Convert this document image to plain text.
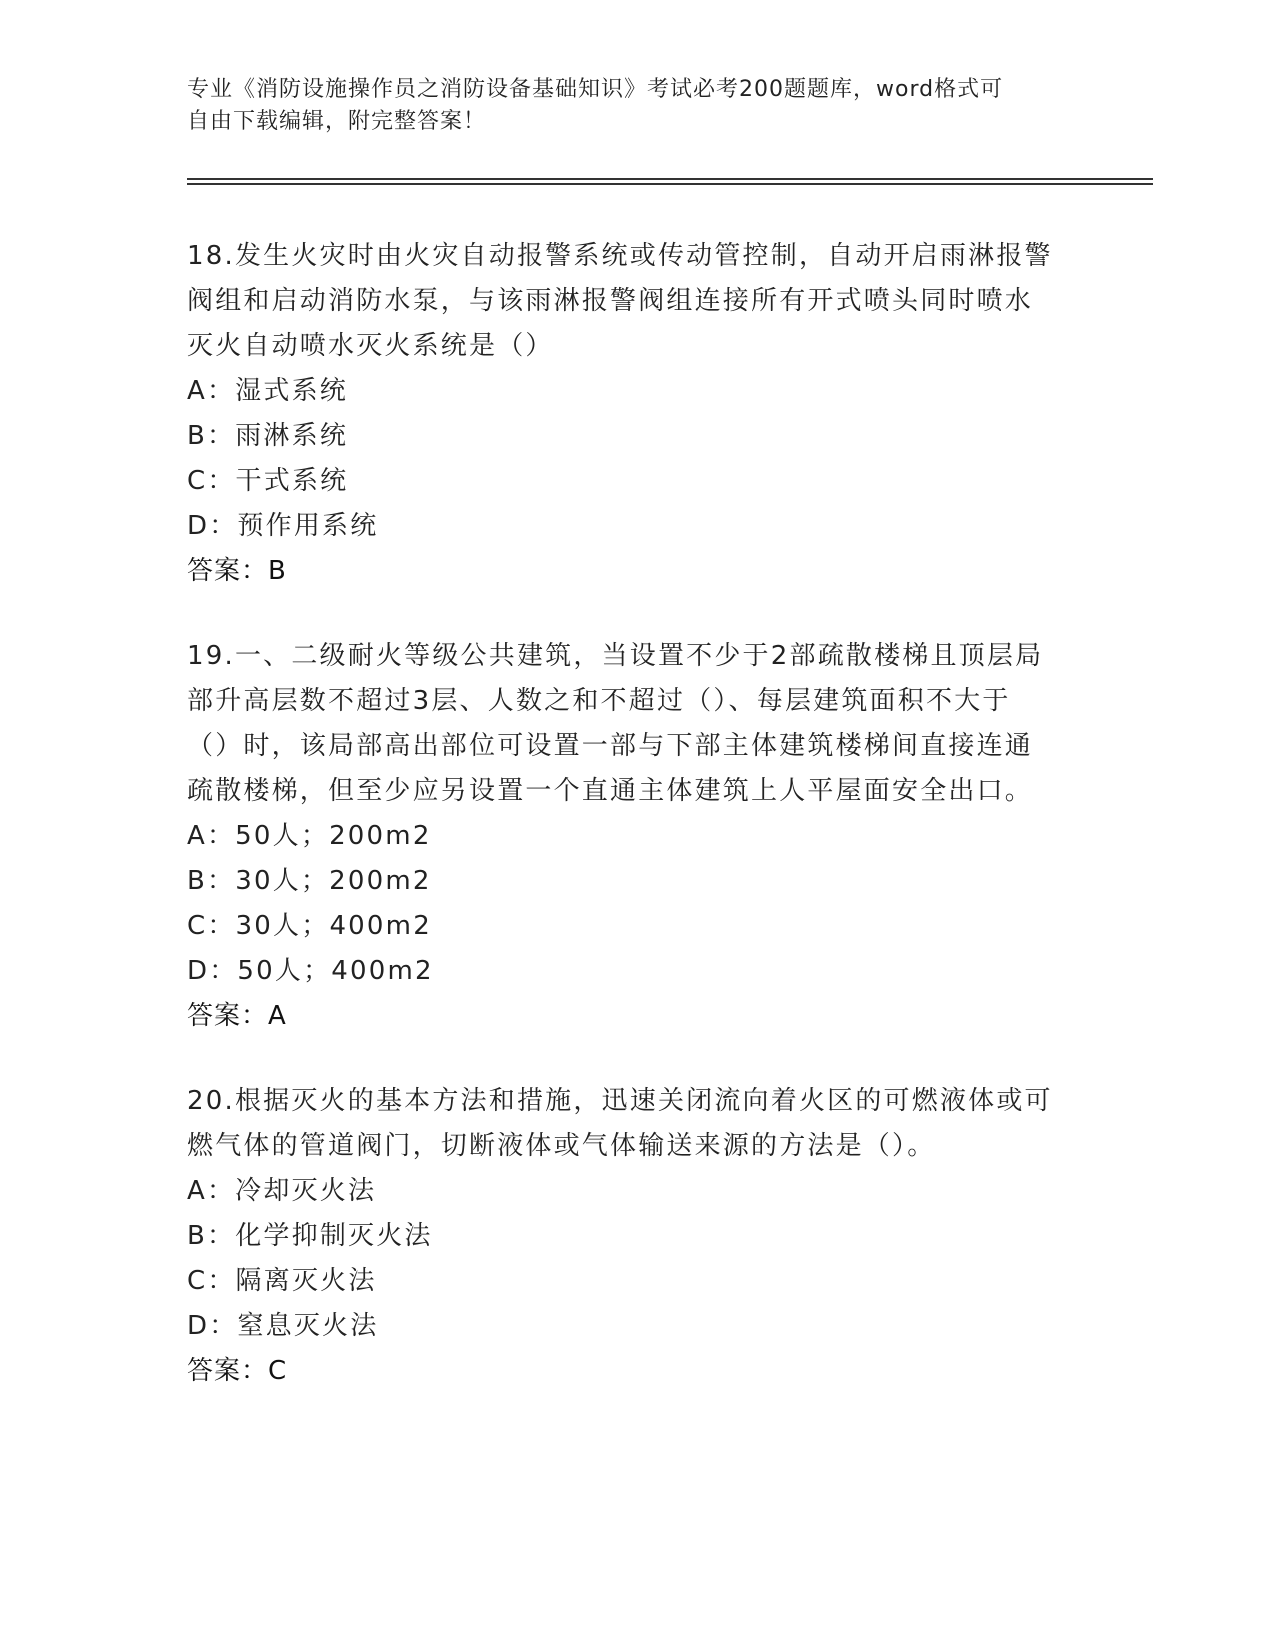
专业《消防设施操作员之消防设备基础知识》考试必考200题题库，word格式可
自由下载编辑，附完整答案！
18.发生火灾时由火灾自动报警系统或传动管控制，自动开启雨淋报警
阀组和启动消防水泵，与该雨淋报警阀组连接所有开式喷头同时喷水
灭火自动喷水灭火系统是（）
A：湿式系统
B：雨淋系统
C：干式系统
D：预作用系统
答案：B
19.一、二级耐火等级公共建筑，当设置不少于2部疏散楼梯且顶层局
部升高层数不超过3层、人数之和不超过（）、每层建筑面积不大于
（）时，该局部高出部位可设置一部与下部主体建筑楼梯间直接连通
疏散楼梯，但至少应另设置一个直通主体建筑上人平屋面安全出口。
A：50人；200m2
B：30人；200m2
C：30人；400m2
D：50人；400m2
答案：A
20.根据灭火的基本方法和措施，迅速关闭流向着火区的可燃液体或可
燃气体的管道阀门，切断液体或气体输送来源的方法是（）。
A：冷却灭火法
B：化学抑制灭火法
C：隔离灭火法
D：窒息灭火法
答案：C
